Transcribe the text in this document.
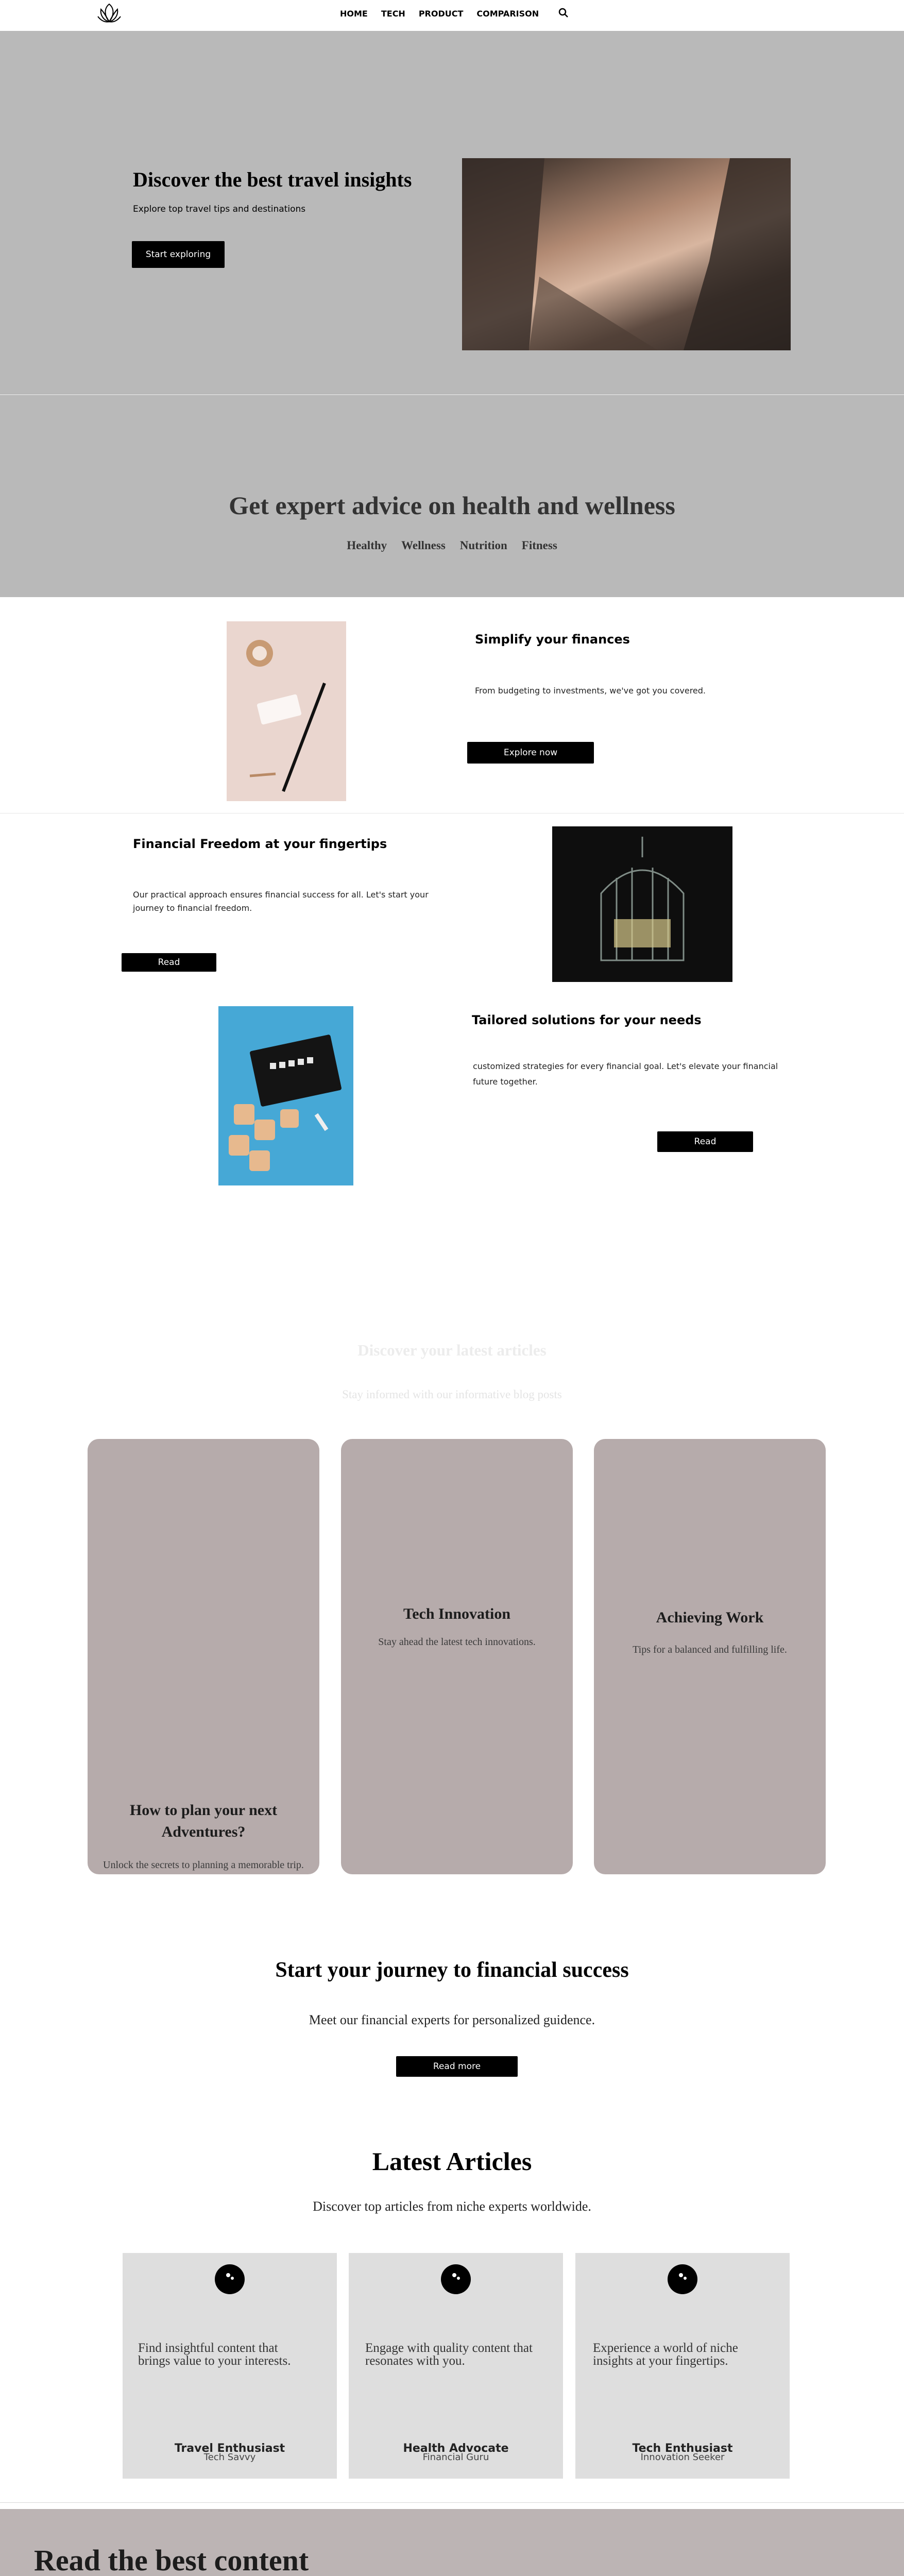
HOME TECH PRODUCT COMPARISON
Discover the best travel insights

Explore top travel tips and destinations

Start exploring
Get expert advice on health and wellness
Healthy Wellness Nutrition Fitness
Simplify your finances

From budgeting to investments, we've got you covered.

Explore now
Financial Freedom at your fingertips

Our practical approach ensures financial success for all. Let's start your journey to financial freedom.

Read
Tailored solutions for your needs

customized strategies for every financial goal. Let's elevate your financial future together.

Read
Discover your latest articles

Stay informed with our informative blog posts

How to plan your next Adventures?

Unlock the secrets to planning a memorable trip.

Tech Innovation

Stay ahead the latest tech innovations.

Achieving Work

Tips for a balanced and fulfilling life.

Start your journey to financial success

Meet our financial experts for personalized guidence.

Read more
Latest Articles

Discover top articles from niche experts worldwide.

Find insightful content that brings value to your interests.

Travel Enthusiast
Tech Savvy

Engage with quality content that resonates with you.

Health Advocate
Financial Guru

Experience a world of niche insights at your fingertips.

Tech Enthusiast
Innovation Seeker
Read the best content
